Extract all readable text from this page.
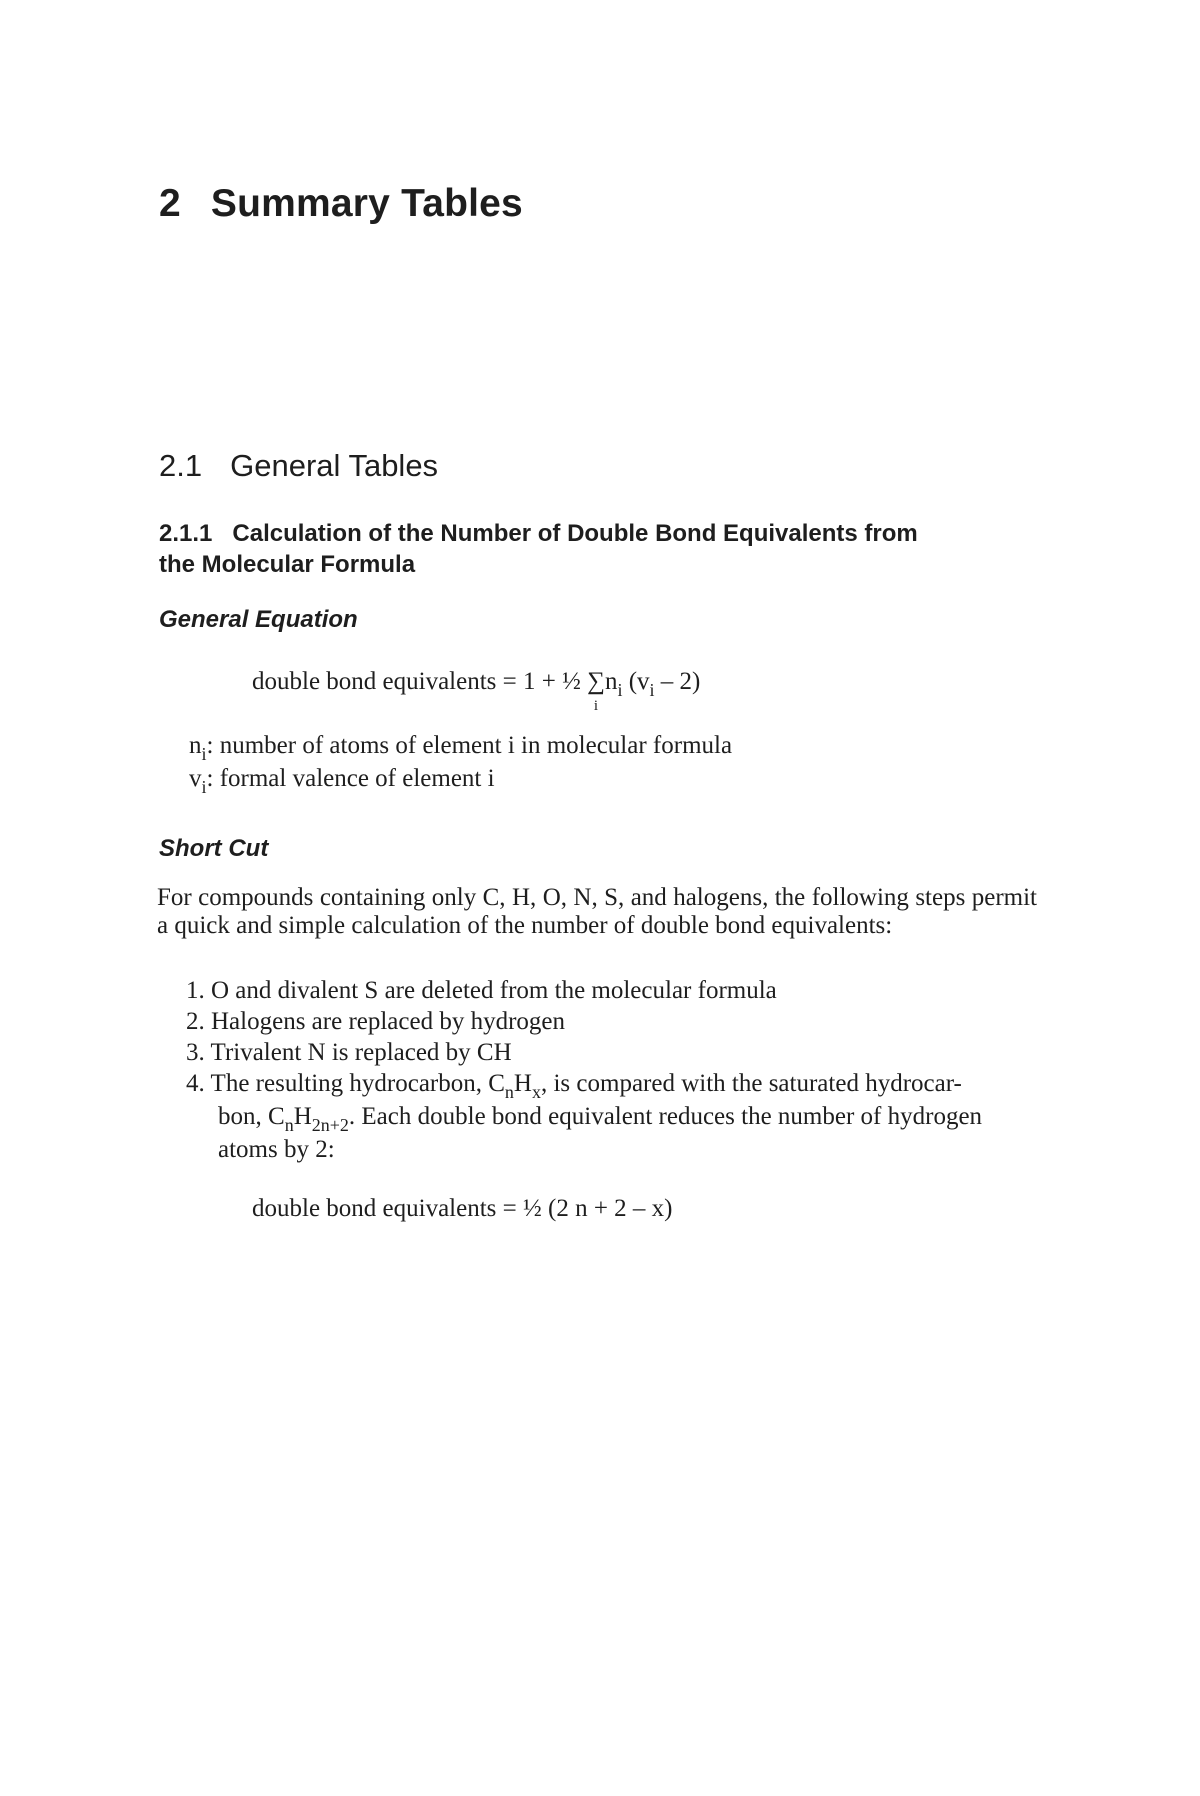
2 Summary Tables
2.1 General Tables
2.1.1 Calculation of the Number of Double Bond Equivalents from
the Molecular Formula
General Equation
double bond equivalents = 1 + ½ ∑
i
$n_i$ $(v_i - 2)$
$n_i$: number of atoms of element i in molecular formula
$v_i$: formal valence of element i
Short Cut
For compounds containing only C, H, O, N, S, and halogens, the following steps permit a quick and simple calculation of the number of double bond equivalents:
1. O and divalent S are deleted from the molecular formula
2. Halogens are replaced by hydrogen
3. Trivalent N is replaced by CH
4. The resulting hydrocarbon, $C_nH_x$, is compared with the saturated hydrocar-
bon, $C_nH_{2n+2}$. Each double bond equivalent reduces the number of hydrogen
atoms by 2:
double bond equivalents = ½ (2 n + 2 – x)
